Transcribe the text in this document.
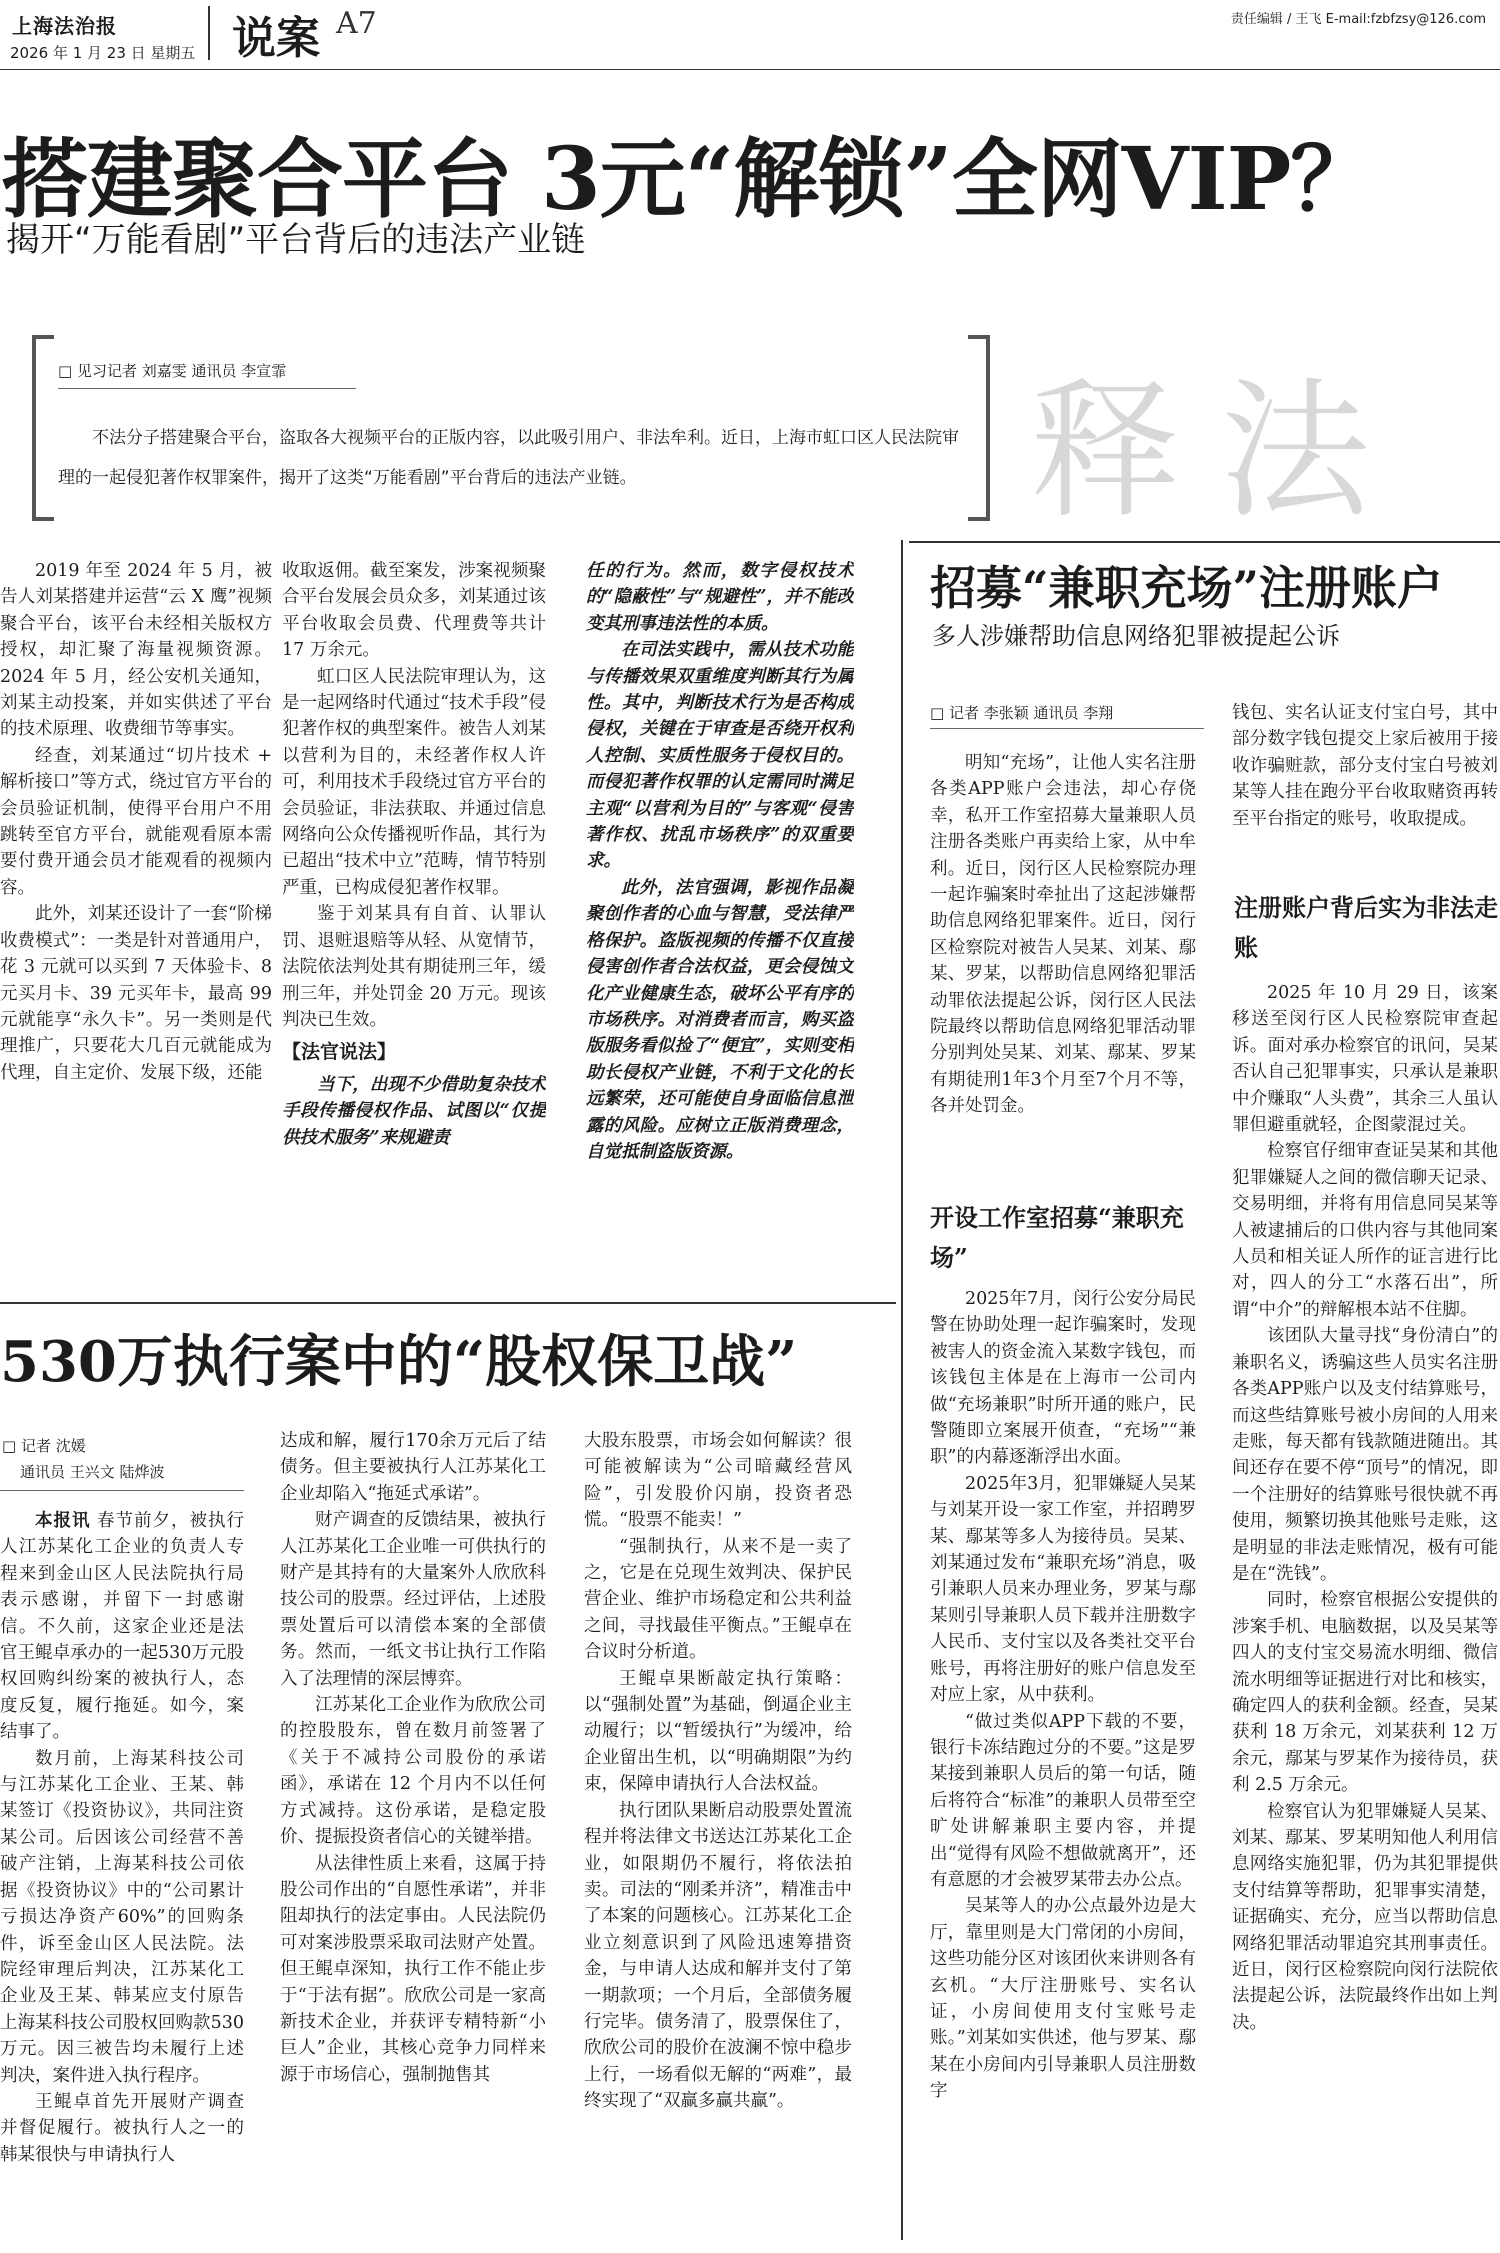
上海法治报
2026 年 1 月 23 日 星期五 说案 A7	责任编辑 / 王飞 E-mail:fzbfzsy@126.com
搭建聚合平台 3元“解锁”全网VIP？
揭开“万能看剧”平台背后的违法产业链
□ 见习记者 刘嘉雯 通讯员 李宣霏
不法分子搭建聚合平台，盗取各大视频平台的正版内容，以此吸引用户、非法牟利。近日，上海市虹口区人民法院审理的一起侵犯著作权罪案件，揭开了这类“万能看剧”平台背后的违法产业链。	释法

2019 年至 2024 年 5 月，被告人刘某搭建并运营“云 X 鹰”视频聚合平台，该平台未经相关版权方授权，却汇聚了海量视频资源。2024 年 5 月，经公安机关通知，刘某主动投案，并如实供述了平台的技术原理、收费细节等事实。

经查，刘某通过“切片技术 + 解析接口”等方式，绕过官方平台的会员验证机制，使得平台用户不用跳转至官方平台，就能观看原本需要付费开通会员才能观看的视频内容。

此外，刘某还设计了一套“阶梯收费模式”：一类是针对普通用户，花 3 元就可以买到 7 天体验卡、8 元买月卡、39 元买年卡，最高 99 元就能享“永久卡”。另一类则是代理推广，只要花大几百元就能成为代理，自主定价、发展下级，还能

收取返佣。截至案发，涉案视频聚合平台发展会员众多，刘某通过该平台收取会员费、代理费等共计 17 万余元。

虹口区人民法院审理认为，这是一起网络时代通过“技术手段”侵犯著作权的典型案件。被告人刘某以营利为目的，未经著作权人许可，利用技术手段绕过官方平台的会员验证，非法获取、并通过信息网络向公众传播视听作品，其行为已超出“技术中立”范畴，情节特别严重，已构成侵犯著作权罪。

鉴于刘某具有自首、认罪认罚、退赃退赔等从轻、从宽情节，法院依法判处其有期徒刑三年，缓刑三年，并处罚金 20 万元。现该判决已生效。

【法官说法】

当下，出现不少借助复杂技术手段传播侵权作品、试图以“仅提供技术服务”来规避责

任的行为。然而，数字侵权技术的“隐蔽性”与“规避性”，并不能改变其刑事违法性的本质。

在司法实践中，需从技术功能与传播效果双重维度判断其行为属性。其中，判断技术行为是否构成侵权，关键在于审查是否绕开权利人控制、实质性服务于侵权目的。而侵犯著作权罪的认定需同时满足主观“以营利为目的”与客观“侵害著作权、扰乱市场秩序”的双重要求。

此外，法官强调，影视作品凝聚创作者的心血与智慧，受法律严格保护。盗版视频的传播不仅直接侵害创作者合法权益，更会侵蚀文化产业健康生态，破坏公平有序的市场秩序。对消费者而言，购买盗版服务看似捡了“便宜”，实则变相助长侵权产业链，不利于文化的长远繁荣，还可能使自身面临信息泄露的风险。应树立正版消费理念，自觉抵制盗版资源。

530万执行案中的“股权保卫战”
□ 记者 沈媛
通讯员 王兴文 陆烨波

本报讯 春节前夕，被执行人江苏某化工企业的负责人专程来到金山区人民法院执行局表示感谢，并留下一封感谢信。不久前，这家企业还是法官王鲲卓承办的一起530万元股权回购纠纷案的被执行人，态度反复，履行拖延。如今，案结事了。

数月前，上海某科技公司与江苏某化工企业、王某、韩某签订《投资协议》，共同注资某公司。后因该公司经营不善破产注销，上海某科技公司依据《投资协议》中的“公司累计亏损达净资产60%”的回购条件，诉至金山区人民法院。法院经审理后判决，江苏某化工企业及王某、韩某应支付原告上海某科技公司股权回购款530万元。因三被告均未履行上述判决，案件进入执行程序。

王鲲卓首先开展财产调查并督促履行。被执行人之一的韩某很快与申请执行人

达成和解，履行170余万元后了结债务。但主要被执行人江苏某化工企业却陷入“拖延式承诺”。

财产调查的反馈结果，被执行人江苏某化工企业唯一可供执行的财产是其持有的大量案外人欣欣科技公司的股票。经过评估，上述股票处置后可以清偿本案的全部债务。然而，一纸文书让执行工作陷入了法理情的深层博弈。

江苏某化工企业作为欣欣公司的控股股东，曾在数月前签署了《关于不减持公司股份的承诺函》，承诺在 12 个月内不以任何方式减持。这份承诺，是稳定股价、提振投资者信心的关键举措。

从法律性质上来看，这属于持股公司作出的“自愿性承诺”，并非阻却执行的法定事由。人民法院仍可对案涉股票采取司法财产处置。但王鲲卓深知，执行工作不能止步于“于法有据”。欣欣公司是一家高新技术企业，并获评专精特新“小巨人”企业，其核心竞争力同样来源于市场信心，强制抛售其

大股东股票，市场会如何解读？很可能被解读为“公司暗藏经营风险”，引发股价闪崩，投资者恐慌。“股票不能卖！”

“强制执行，从来不是一卖了之，它是在兑现生效判决、保护民营企业、维护市场稳定和公共利益之间，寻找最佳平衡点。”王鲲卓在合议时分析道。

王鲲卓果断敲定执行策略：以“强制处置”为基础，倒逼企业主动履行；以“暂缓执行”为缓冲，给企业留出生机，以“明确期限”为约束，保障申请执行人合法权益。

执行团队果断启动股票处置流程并将法律文书送达江苏某化工企业，如限期仍不履行，将依法拍卖。司法的“刚柔并济”，精准击中了本案的问题核心。江苏某化工企业立刻意识到了风险迅速筹措资金，与申请人达成和解并支付了第一期款项；一个月后，全部债务履行完毕。债务清了，股票保住了，欣欣公司的股价在波澜不惊中稳步上行，一场看似无解的“两难”，最终实现了“双赢多赢共赢”。

招募“兼职充场”注册账户
多人涉嫌帮助信息网络犯罪被提起公诉
□ 记者 李张颖 通讯员 李翔

明知“充场”，让他人实名注册各类APP账户会违法，却心存侥幸，私开工作室招募大量兼职人员注册各类账户再卖给上家，从中牟利。近日，闵行区人民检察院办理一起诈骗案时牵扯出了这起涉嫌帮助信息网络犯罪案件。近日，闵行区检察院对被告人吴某、刘某、鄢某、罗某，以帮助信息网络犯罪活动罪依法提起公诉，闵行区人民法院最终以帮助信息网络犯罪活动罪分别判处吴某、刘某、鄢某、罗某有期徒刑1年3个月至7个月不等，各并处罚金。

开设工作室招募“兼职充场”

2025年7月，闵行公安分局民警在协助处理一起诈骗案时，发现被害人的资金流入某数字钱包，而该钱包主体是在上海市一公司内做“充场兼职”时所开通的账户，民警随即立案展开侦查，“充场”“兼职”的内幕逐渐浮出水面。

2025年3月，犯罪嫌疑人吴某与刘某开设一家工作室，并招聘罗某、鄢某等多人为接待员。吴某、刘某通过发布“兼职充场”消息，吸引兼职人员来办理业务，罗某与鄢某则引导兼职人员下载并注册数字人民币、支付宝以及各类社交平台账号，再将注册好的账户信息发至对应上家，从中获利。

“做过类似APP下载的不要，银行卡冻结跑过分的不要。”这是罗某接到兼职人员后的第一句话，随后将符合“标准”的兼职人员带至空旷处讲解兼职主要内容，并提出“觉得有风险不想做就离开”，还有意愿的才会被罗某带去办公点。

吴某等人的办公点最外边是大厅，靠里则是大门常闭的小房间，这些功能分区对该团伙来讲则各有玄机。“大厅注册账号、实名认证，小房间使用支付宝账号走账。”刘某如实供述，他与罗某、鄢某在小房间内引导兼职人员注册数字

钱包、实名认证支付宝白号，其中部分数字钱包提交上家后被用于接收诈骗赃款，部分支付宝白号被刘某等人挂在跑分平台收取赌资再转至平台指定的账号，收取提成。

注册账户背后实为非法走账

2025 年 10 月 29 日，该案移送至闵行区人民检察院审查起诉。面对承办检察官的讯问，吴某否认自己犯罪事实，只承认是兼职中介赚取“人头费”，其余三人虽认罪但避重就轻，企图蒙混过关。

检察官仔细审查证吴某和其他犯罪嫌疑人之间的微信聊天记录、交易明细，并将有用信息同吴某等人被逮捕后的口供内容与其他同案人员和相关证人所作的证言进行比对，四人的分工“水落石出”，所谓“中介”的辩解根本站不住脚。

该团队大量寻找“身份清白”的兼职名义，诱骗这些人员实名注册各类APP账户以及支付结算账号，而这些结算账号被小房间的人用来走账，每天都有钱款随进随出。其间还存在要不停“顶号”的情况，即一个注册好的结算账号很快就不再使用，频繁切换其他账号走账，这是明显的非法走账情况，极有可能是在“洗钱”。

同时，检察官根据公安提供的涉案手机、电脑数据，以及吴某等四人的支付宝交易流水明细、微信流水明细等证据进行对比和核实，确定四人的获利金额。经查，吴某获利 18 万余元，刘某获利 12 万余元，鄢某与罗某作为接待员，获利 2.5 万余元。

检察官认为犯罪嫌疑人吴某、刘某、鄢某、罗某明知他人利用信息网络实施犯罪，仍为其犯罪提供支付结算等帮助，犯罪事实清楚，证据确实、充分，应当以帮助信息网络犯罪活动罪追究其刑事责任。近日，闵行区检察院向闵行法院依法提起公诉，法院最终作出如上判决。
